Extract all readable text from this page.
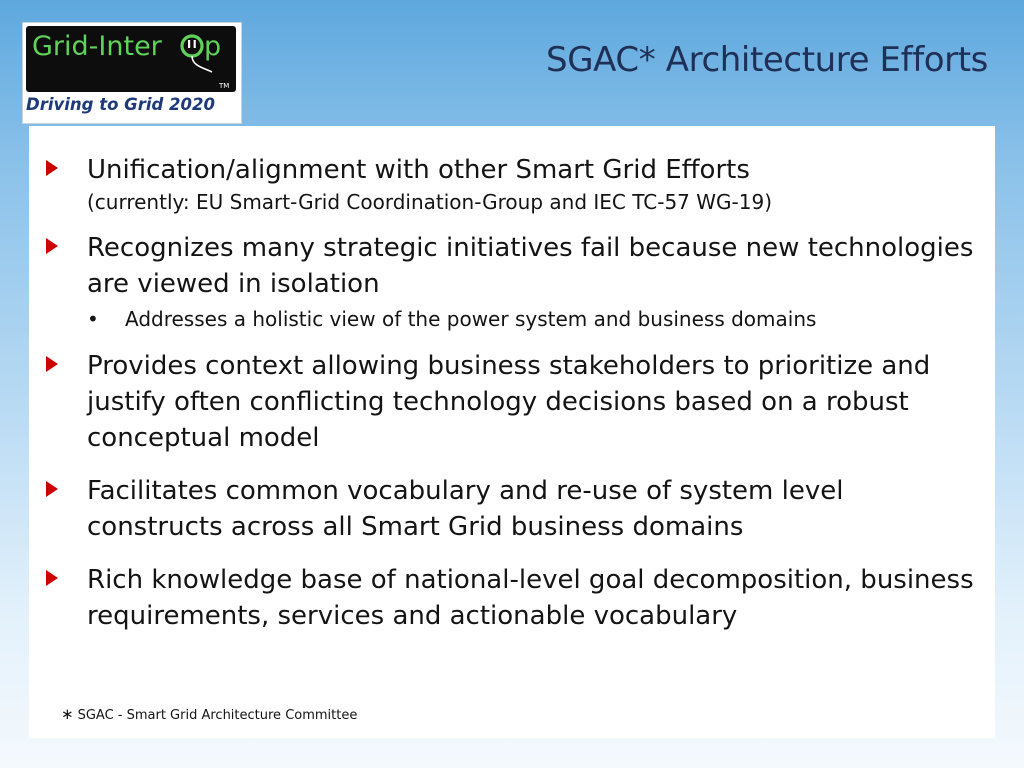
SGAC* Architecture Efforts
Grid-Inter p
TM
Driving to Grid 2020
Unification/alignment with other Smart Grid Efforts
(currently: EU Smart-Grid Coordination-Group and IEC TC-57 WG-19)
Recognizes many strategic initiatives fail because new technologies are viewed in isolation
• Addresses a holistic view of the power system and business domains
Provides context allowing business stakeholders to prioritize and justify often conflicting technology decisions based on a robust conceptual model
Facilitates common vocabulary and re-use of system level constructs across all Smart Grid business domains
Rich knowledge base of national-level goal decomposition, business requirements, services and actionable vocabulary
∗ SGAC - Smart Grid Architecture Committee
